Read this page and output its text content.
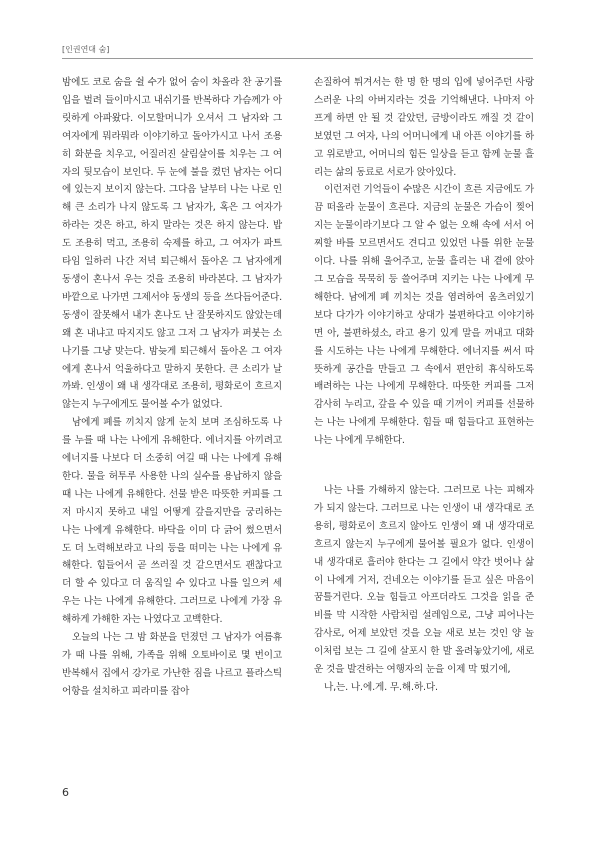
[인권연대 숨]

밤에도 코로 숨을 쉴 수가 없어 숨이 차올라 찬 공기를 입을 벌려 들이마시고 내쉬기를 반복하다 가슴께가 아릿하게 아파왔다. 이모할머니가 오셔서 그 남자와 그 여자에게 뭐라뭐라 이야기하고 돌아가시고 나서 조용히 화분을 치우고, 어질러진 살림살이를 치우는 그 여자의 뒷모습이 보인다. 두 눈에 불을 켰던 남자는 어디에 있는지 보이지 않는다. 그다음 날부터 나는 나로 인해 큰 소리가 나지 않도록 그 남자가, 혹은 그 여자가 하라는 것은 하고, 하지 말라는 것은 하지 않는다. 밥도 조용히 먹고, 조용히 숙제를 하고, 그 여자가 파트타임 일하러 나간 저녁 퇴근해서 돌아온 그 남자에게 동생이 혼나서 우는 것을 조용히 바라본다. 그 남자가 바깥으로 나가면 그제서야 동생의 등을 쓰다듬어준다. 동생이 잘못해서 내가 혼나도 난 잘못하지도 않았는데 왜 혼 내냐고 따지지도 않고 그저 그 남자가 퍼붓는 소나기를 그냥 맞는다. 밤늦게 퇴근해서 돌아온 그 여자에게 혼나서 억울하다고 말하지 못한다. 큰 소리가 날까봐. 인생이 왜 내 생각대로 조용히, 평화로이 흐르지 않는지 누구에게도 물어볼 수가 없었다.

남에게 폐를 끼치지 않게 눈치 보며 조심하도록 나를 누를 때 나는 나에게 유해한다. 에너지를 아끼려고 에너지를 나보다 더 소중히 여길 때 나는 나에게 유해한다. 물을 허투루 사용한 나의 실수를 용납하지 않을 때 나는 나에게 유해한다. 선물 받은 따뜻한 커피를 그저 마시지 못하고 내일 어떻게 갚을지만을 궁리하는 나는 나에게 유해한다. 바닥을 이미 다 긁어 썼으면서도 더 노력해보라고 나의 등을 떠미는 나는 나에게 유해한다. 힘들어서 곧 쓰러질 것 같으면서도 괜찮다고 더 할 수 있다고 더 움직일 수 있다고 나를 일으켜 세우는 나는 나에게 유해한다. 그러므로 나에게 가장 유해하게 가해한 자는 나였다고 고백한다.

오늘의 나는 그 밤 화분을 던졌던 그 남자가 여름휴가 때 나를 위해, 가족을 위해 오토바이로 몇 번이고 반복해서 집에서 강가로 가난한 짐을 나르고 플라스틱 어항을 설치하고 피라미를 잡아

손질하여 튀겨서는 한 명 한 명의 입에 넣어주던 사랑스러운 나의 아버지라는 것을 기억해낸다. 나마저 아프게 하면 안 될 것 같았던, 금방이라도 깨질 것 같이 보였던 그 여자, 나의 어머니에게 내 아픈 이야기를 하고 위로받고, 어머니의 힘든 일상을 듣고 함께 눈물 흘리는 삶의 동료로 서로가 앉아있다.

이런저런 기억들이 수많은 시간이 흐른 지금에도 가끔 떠올라 눈물이 흐른다. 지금의 눈물은 가슴이 찢어지는 눈물이라기보다 그 알 수 없는 오해 속에 서서 어찌할 바를 모르면서도 견디고 있었던 나를 위한 눈물이다. 나를 위해 울어주고, 눈물 흘리는 내 곁에 앉아 그 모습을 묵묵히 등 쓸어주며 지키는 나는 나에게 무해한다. 남에게 폐 끼치는 것을 염려하여 움츠러있기보다 다가가 이야기하고 상대가 불편하다고 이야기하면 아, 불편하셨소, 라고 용기 있게 말을 꺼내고 대화를 시도하는 나는 나에게 무해한다. 에너지를 써서 따뜻하게 공간을 만들고 그 속에서 편안히 휴식하도록 배려하는 나는 나에게 무해한다. 따뜻한 커피를 그저 감사히 누리고, 갚을 수 있을 때 기꺼이 커피를 선물하는 나는 나에게 무해한다. 힘들 때 힘들다고 표현하는 나는 나에게 무해한다.

나는 나를 가해하지 않는다. 그러므로 나는 피해자가 되지 않는다. 그러므로 나는 인생이 내 생각대로 조용히, 평화로이 흐르지 않아도 인생이 왜 내 생각대로 흐르지 않는지 누구에게 물어볼 필요가 없다. 인생이 내 생각대로 흘러야 한다는 그 길에서 약간 벗어나 삶이 나에게 거저, 건네오는 이야기를 듣고 싶은 마음이 꿈틀거린다. 오늘 힘들고 아프더라도 그것을 읽을 준비를 막 시작한 사람처럼 설레임으로, 그냥 피어나는 감사로, 어제 보았던 것을 오늘 새로 보는 것인 양 놀이처럼 보는 그 길에 살포시 한 발 올려놓았기에, 새로운 것을 발견하는 여행자의 눈을 이제 막 떴기에,

나,는. 나.에.게. 무.해.하.다.

6
